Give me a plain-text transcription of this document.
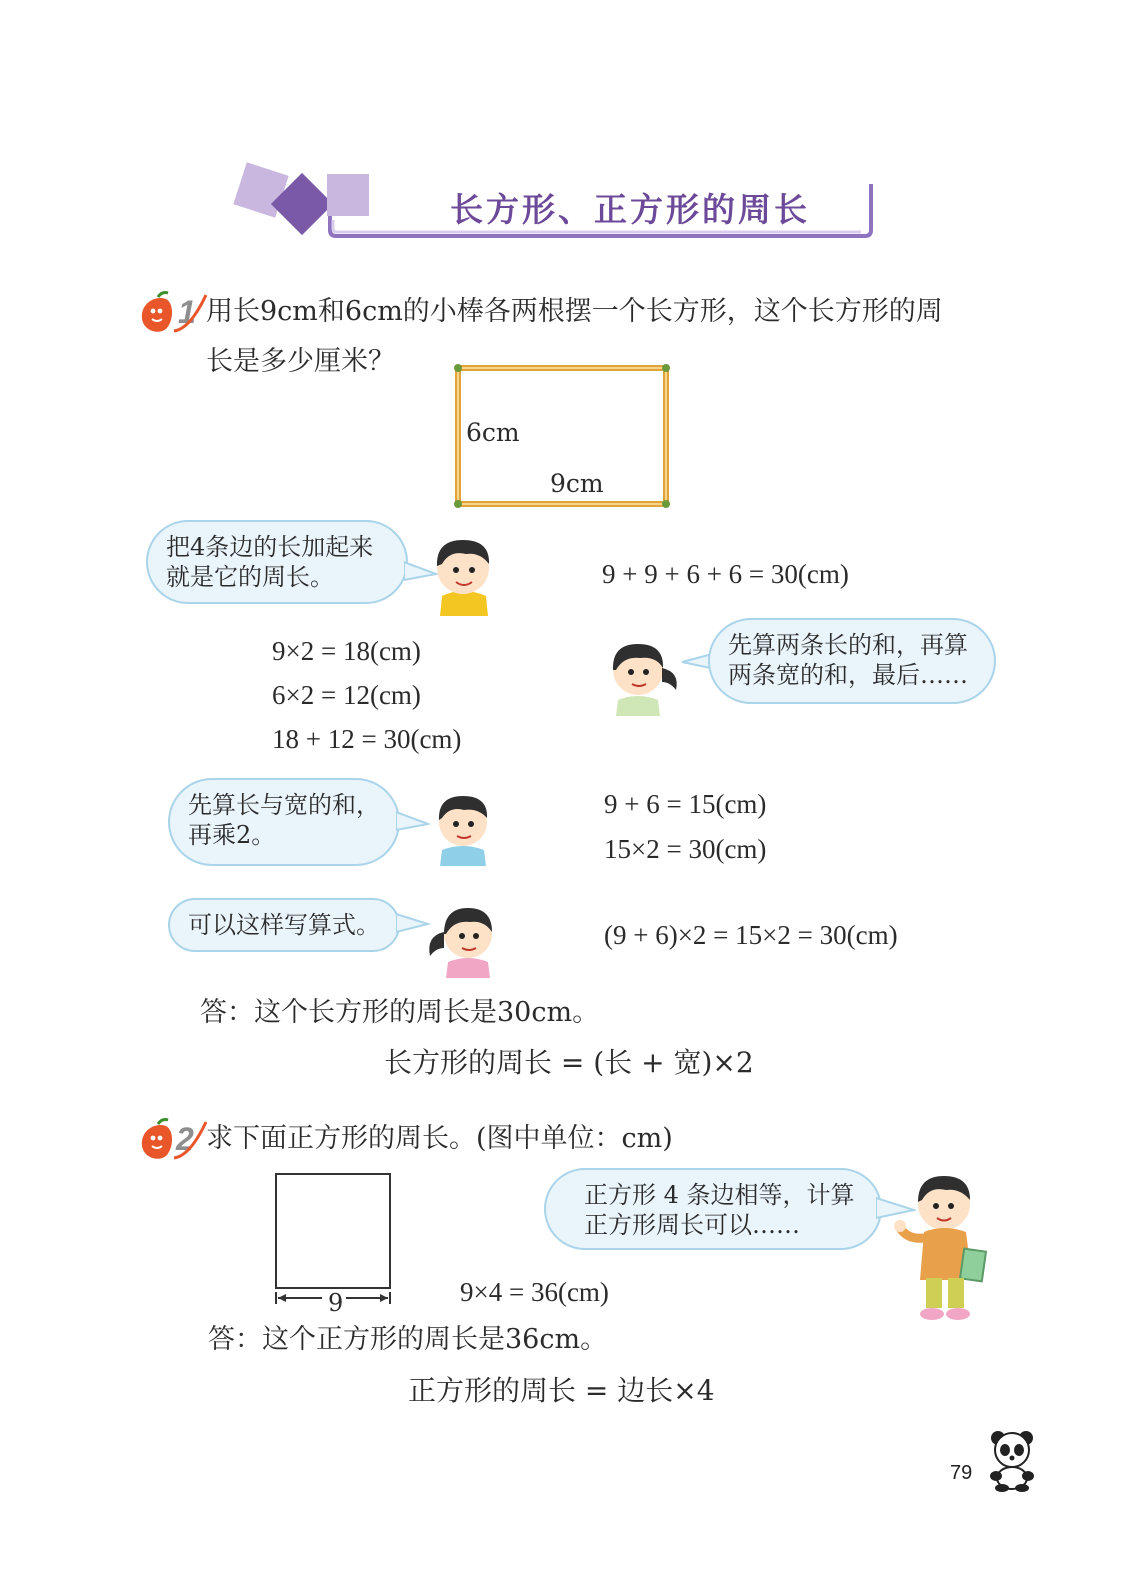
长方形、正方形的周长
1 用长9cm和6cm的小棒各两根摆一个长方形，这个长方形的周
长是多少厘米？
6cm
9cm
把4条边的长加起来
就是它的周长。	9 + 9 + 6 + 6 = 30(cm)
9×2 = 18(cm)
6×2 = 12(cm)
18 + 12 = 30(cm)
先算两条长的和，再算
两条宽的和，最后……
先算长与宽的和，
再乘2。
9 + 6 = 15(cm)
15×2 = 30(cm)
可以这样写算式。	(9 + 6)×2 = 15×2 = 30(cm)
答：这个长方形的周长是30cm。
长方形的周长 = (长 + 宽)×2
2 求下面正方形的周长。(图中单位：cm)
9
正方形 4 条边相等，计算
正方形周长可以……
9×4 = 36(cm)
答：这个正方形的周长是36cm。
正方形的周长 = 边长×4
79
